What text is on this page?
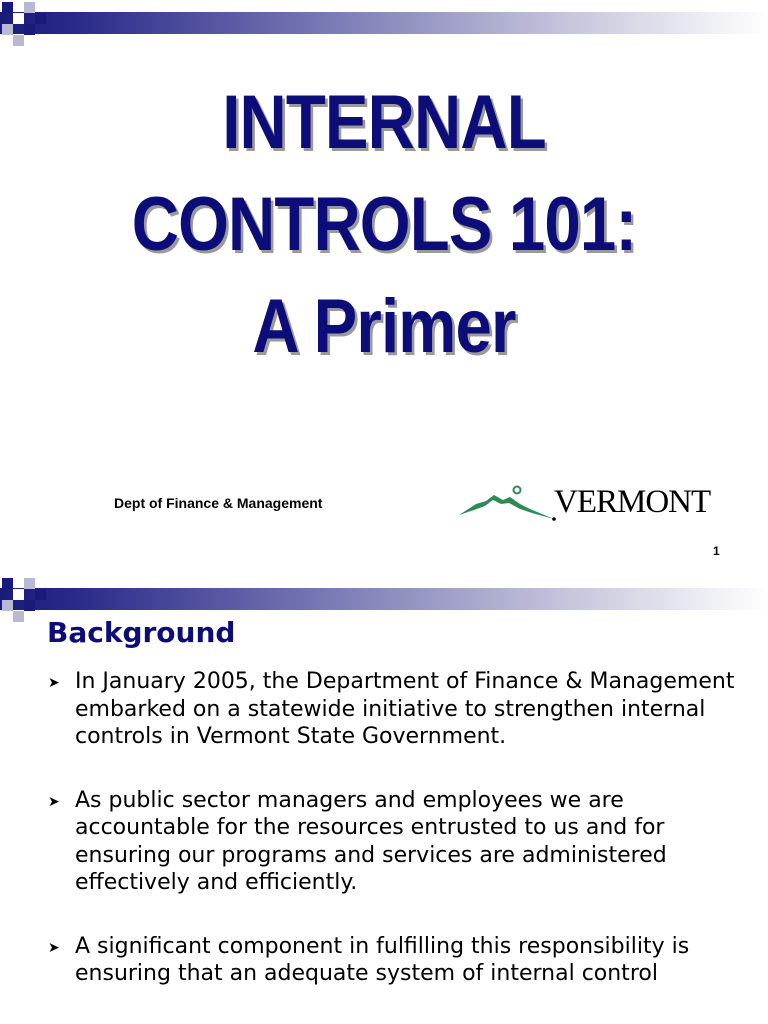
INTERNAL
CONTROLS 101:
A Primer
Dept of Finance & Management	VERMONT
1
Background
➤ In January 2005, the Department of Finance & Management embarked on a statewide initiative to strengthen internal controls in Vermont State Government.
➤ As public sector managers and employees we are accountable for the resources entrusted to us and for ensuring our programs and services are administered effectively and efficiently.
➤ A significant component in fulfilling this responsibility is ensuring that an adequate system of internal control
